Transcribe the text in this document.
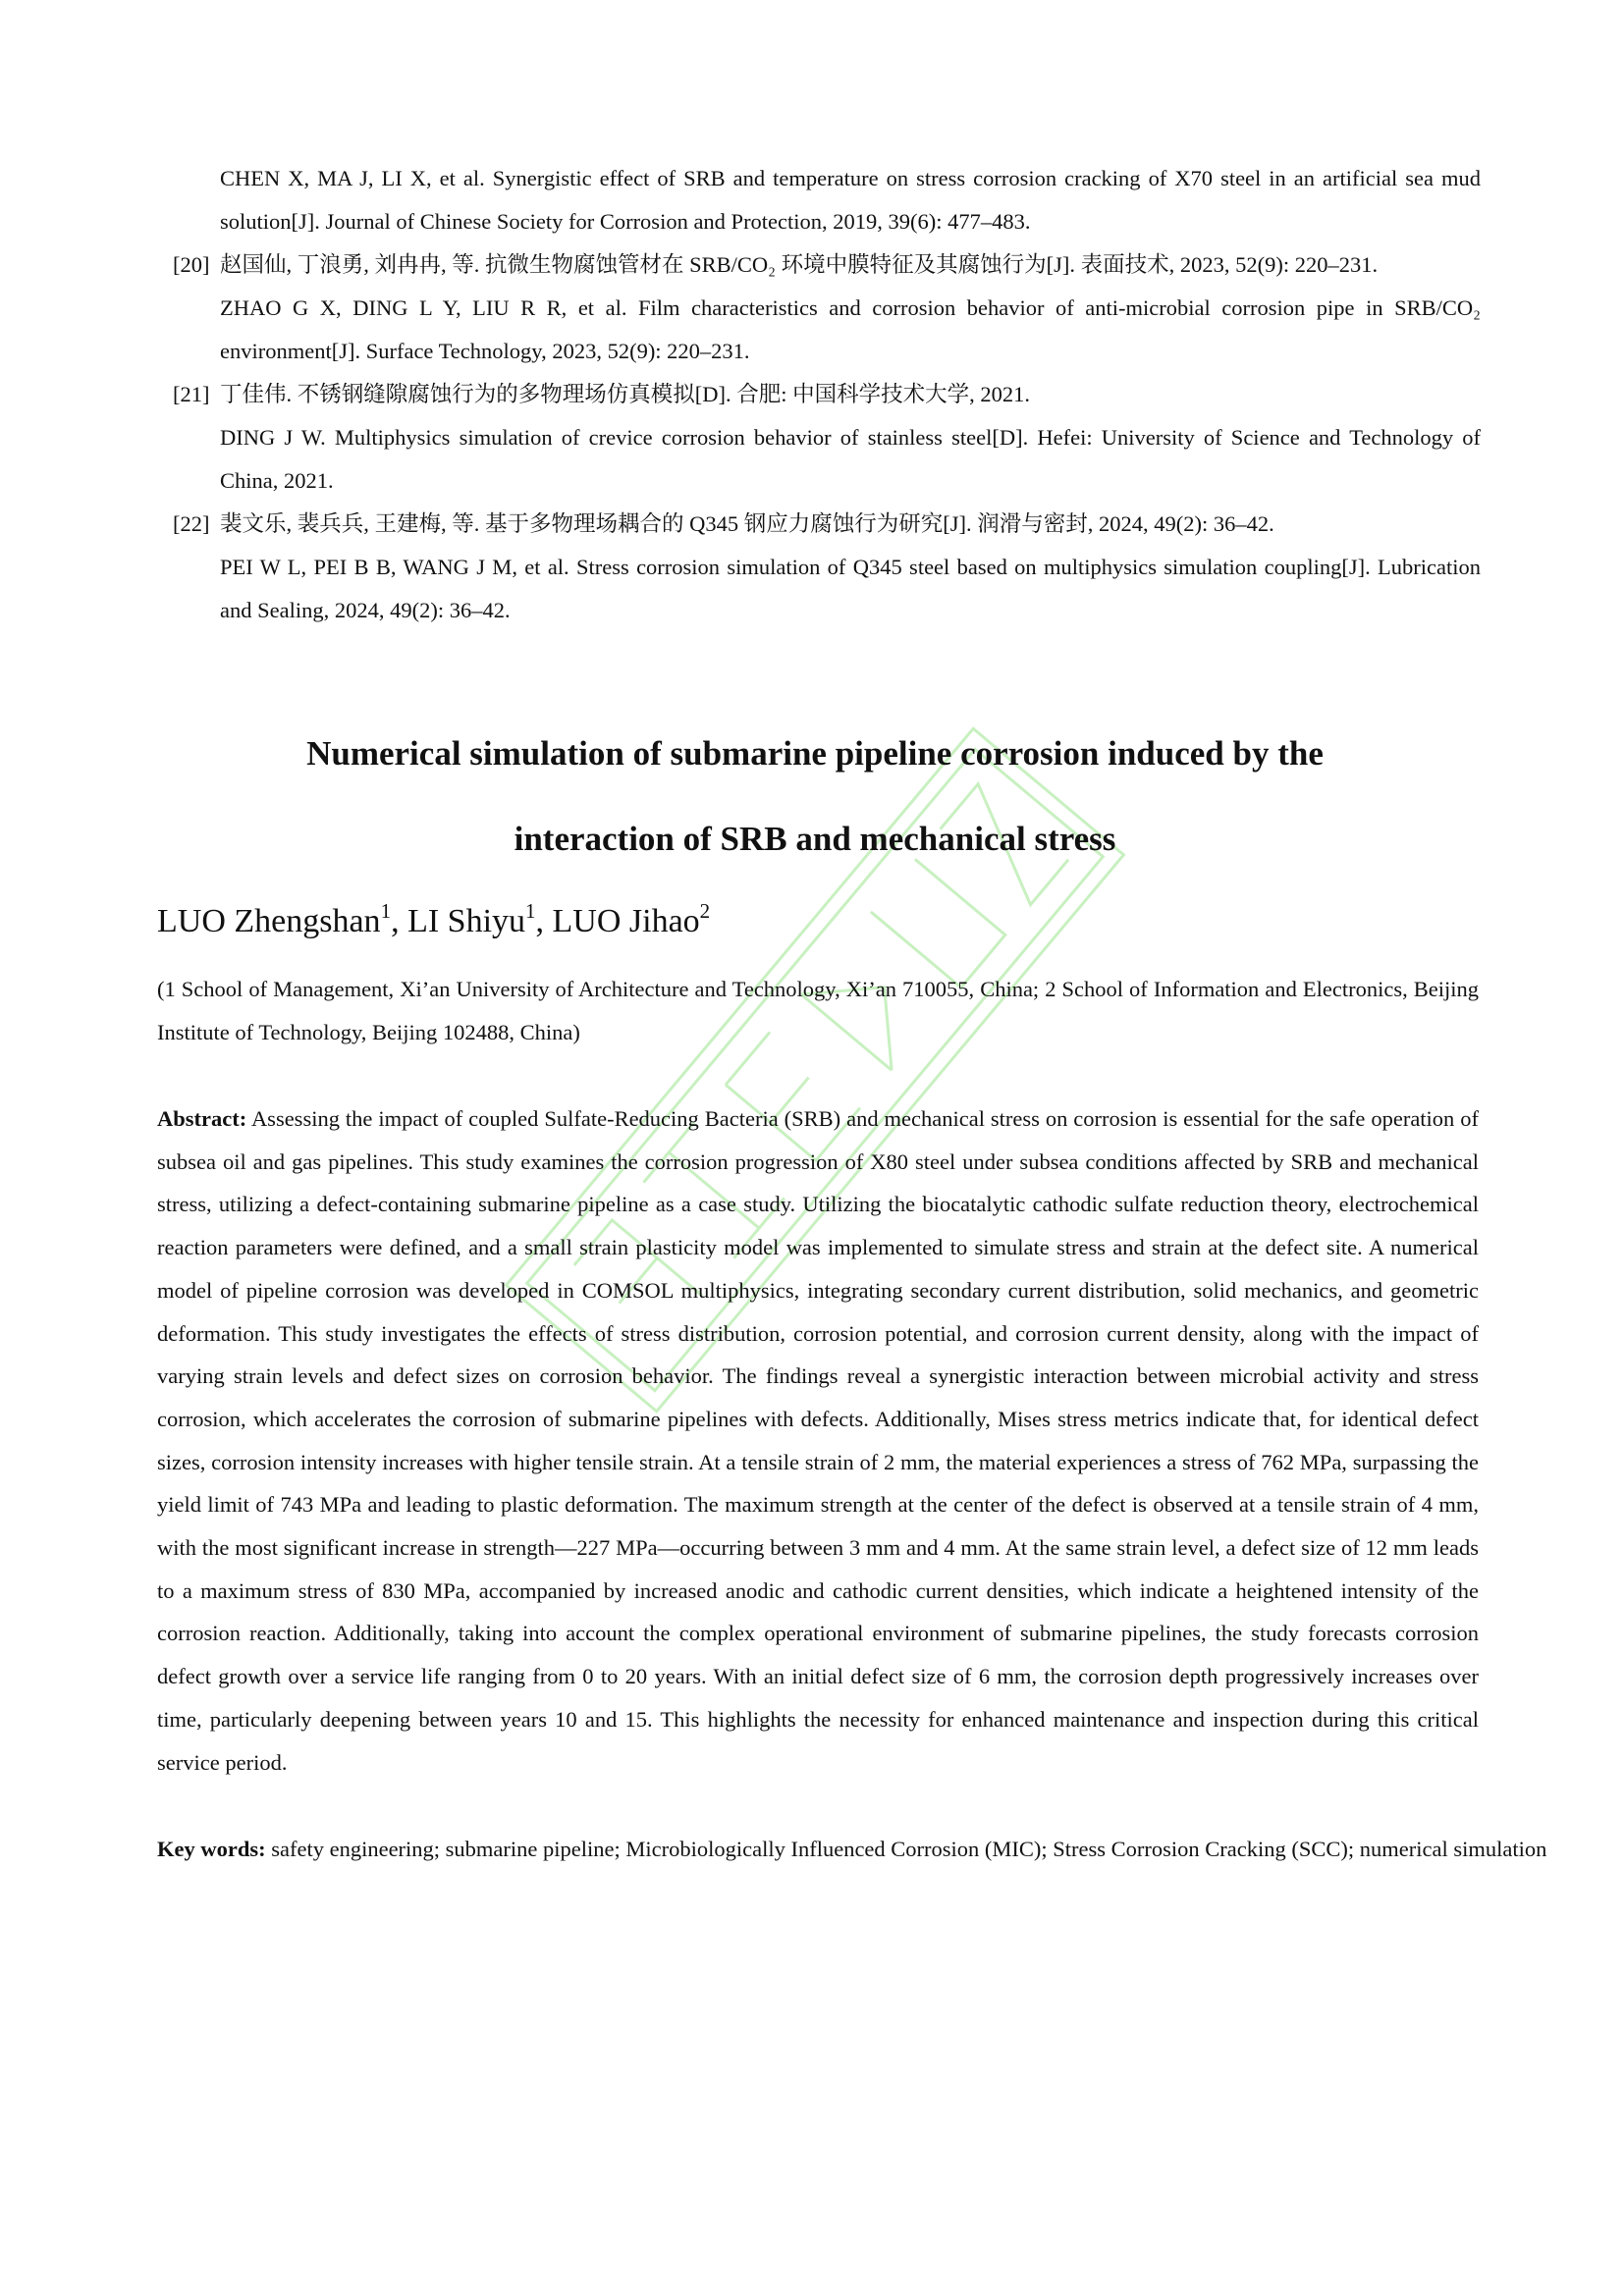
CHEN X, MA J, LI X, et al. Synergistic effect of SRB and temperature on stress corrosion cracking of X70 steel in an artificial sea mud solution[J]. Journal of Chinese Society for Corrosion and Protection, 2019, 39(6): 477–483.
[20] 赵国仙, 丁浪勇, 刘冉冉, 等. 抗微生物腐蚀管材在 SRB/CO₂ 环境中膜特征及其腐蚀行为[J]. 表面技术, 2023, 52(9): 220–231.
ZHAO G X, DING L Y, LIU R R, et al. Film characteristics and corrosion behavior of anti-microbial corrosion pipe in SRB/CO₂ environment[J]. Surface Technology, 2023, 52(9): 220–231.
[21] 丁佳伟. 不锈钢缝隙腐蚀行为的多物理场仿真模拟[D]. 合肥: 中国科学技术大学, 2021.
DING J W. Multiphysics simulation of crevice corrosion behavior of stainless steel[D]. Hefei: University of Science and Technology of China, 2021.
[22] 裴文乐, 裴兵兵, 王建梅, 等. 基于多物理场耦合的 Q345 钢应力腐蚀行为研究[J]. 润滑与密封, 2024, 49(2): 36–42.
PEI W L, PEI B B, WANG J M, et al. Stress corrosion simulation of Q345 steel based on multiphysics simulation coupling[J]. Lubrication and Sealing, 2024, 49(2): 36–42.
Numerical simulation of submarine pipeline corrosion induced by the
interaction of SRB and mechanical stress
LUO Zhengshan$^1$, LI Shiyu$^1$, LUO Jihao$^2$
(1 School of Management, Xi’an University of Architecture and Technology, Xi’an 710055, China; 2 School of Information and Electronics, Beijing Institute of Technology, Beijing 102488, China)
Abstract: Assessing the impact of coupled Sulfate-Reducing Bacteria (SRB) and mechanical stress on corrosion is essential for the safe operation of subsea oil and gas pipelines. This study examines the corrosion progression of X80 steel under subsea conditions affected by SRB and mechanical stress, utilizing a defect-containing submarine pipeline as a case study. Utilizing the biocatalytic cathodic sulfate reduction theory, electrochemical reaction parameters were defined, and a small strain plasticity model was implemented to simulate stress and strain at the defect site. A numerical model of pipeline corrosion was developed in COMSOL multiphysics, integrating secondary current distribution, solid mechanics, and geometric deformation. This study investigates the effects of stress distribution, corrosion potential, and corrosion current density, along with the impact of varying strain levels and defect sizes on corrosion behavior. The findings reveal a synergistic interaction between microbial activity and stress corrosion, which accelerates the corrosion of submarine pipelines with defects. Additionally, Mises stress metrics indicate that, for identical defect sizes, corrosion intensity increases with higher tensile strain. At a tensile strain of 2 mm, the material experiences a stress of 762 MPa, surpassing the yield limit of 743 MPa and leading to plastic deformation. The maximum strength at the center of the defect is observed at a tensile strain of 4 mm, with the most significant increase in strength—227 MPa—occurring between 3 mm and 4 mm. At the same strain level, a defect size of 12 mm leads to a maximum stress of 830 MPa, accompanied by increased anodic and cathodic current densities, which indicate a heightened intensity of the corrosion reaction. Additionally, taking into account the complex operational environment of submarine pipelines, the study forecasts corrosion defect growth over a service life ranging from 0 to 20 years. With an initial defect size of 6 mm, the corrosion depth progressively increases over time, particularly deepening between years 10 and 15. This highlights the necessity for enhanced maintenance and inspection during this critical service period.
Key words: safety engineering; submarine pipeline; Microbiologically Influenced Corrosion (MIC); Stress Corrosion Cracking (SCC); numerical simulation
